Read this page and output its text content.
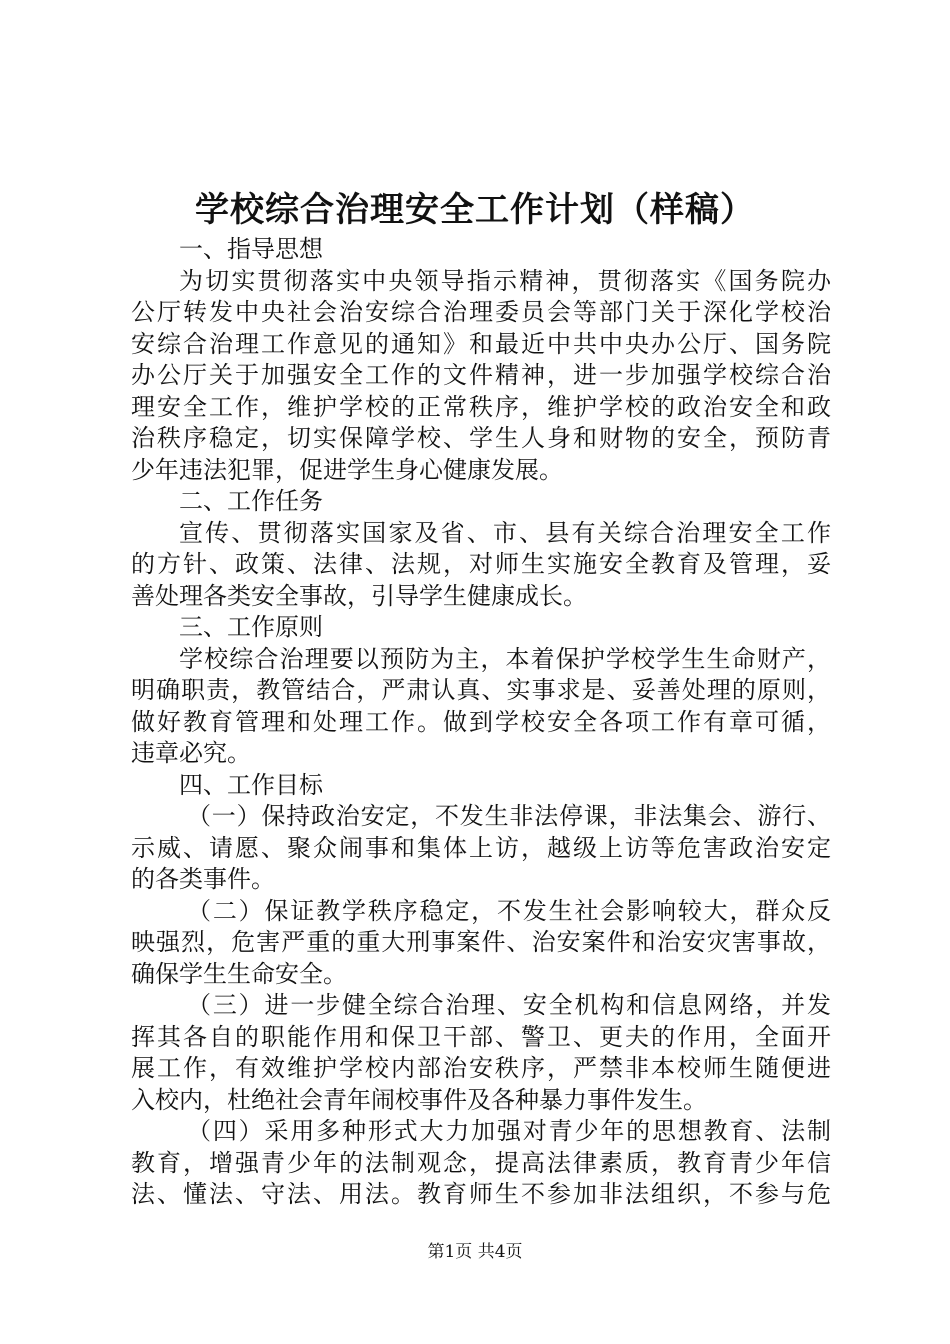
学校综合治理安全工作计划（样稿）
一、指导思想
为切实贯彻落实中央领导指示精神，贯彻落实《国务院办
公厅转发中央社会治安综合治理委员会等部门关于深化学校治
安综合治理工作意见的通知》和最近中共中央办公厅、国务院
办公厅关于加强安全工作的文件精神，进一步加强学校综合治
理安全工作，维护学校的正常秩序，维护学校的政治安全和政
治秩序稳定，切实保障学校、学生人身和财物的安全，预防青
少年违法犯罪，促进学生身心健康发展。
二、工作任务
宣传、贯彻落实国家及省、市、县有关综合治理安全工作
的方针、政策、法律、法规，对师生实施安全教育及管理，妥
善处理各类安全事故，引导学生健康成长。
三、工作原则
学校综合治理要以预防为主，本着保护学校学生生命财产，
明确职责，教管结合，严肃认真、实事求是、妥善处理的原则，
做好教育管理和处理工作。做到学校安全各项工作有章可循，
违章必究。
四、工作目标
（一）保持政治安定，不发生非法停课，非法集会、游行、
示威、请愿、聚众闹事和集体上访，越级上访等危害政治安定
的各类事件。
（二）保证教学秩序稳定，不发生社会影响较大，群众反
映强烈，危害严重的重大刑事案件、治安案件和治安灾害事故，
确保学生生命安全。
（三）进一步健全综合治理、安全机构和信息网络，并发
挥其各自的职能作用和保卫干部、警卫、更夫的作用，全面开
展工作，有效维护学校内部治安秩序，严禁非本校师生随便进
入校内，杜绝社会青年闹校事件及各种暴力事件发生。
（四）采用多种形式大力加强对青少年的思想教育、法制
教育，增强青少年的法制观念，提高法律素质，教育青少年信
法、懂法、守法、用法。教育师生不参加非法组织，不参与危
第1页 共4页
